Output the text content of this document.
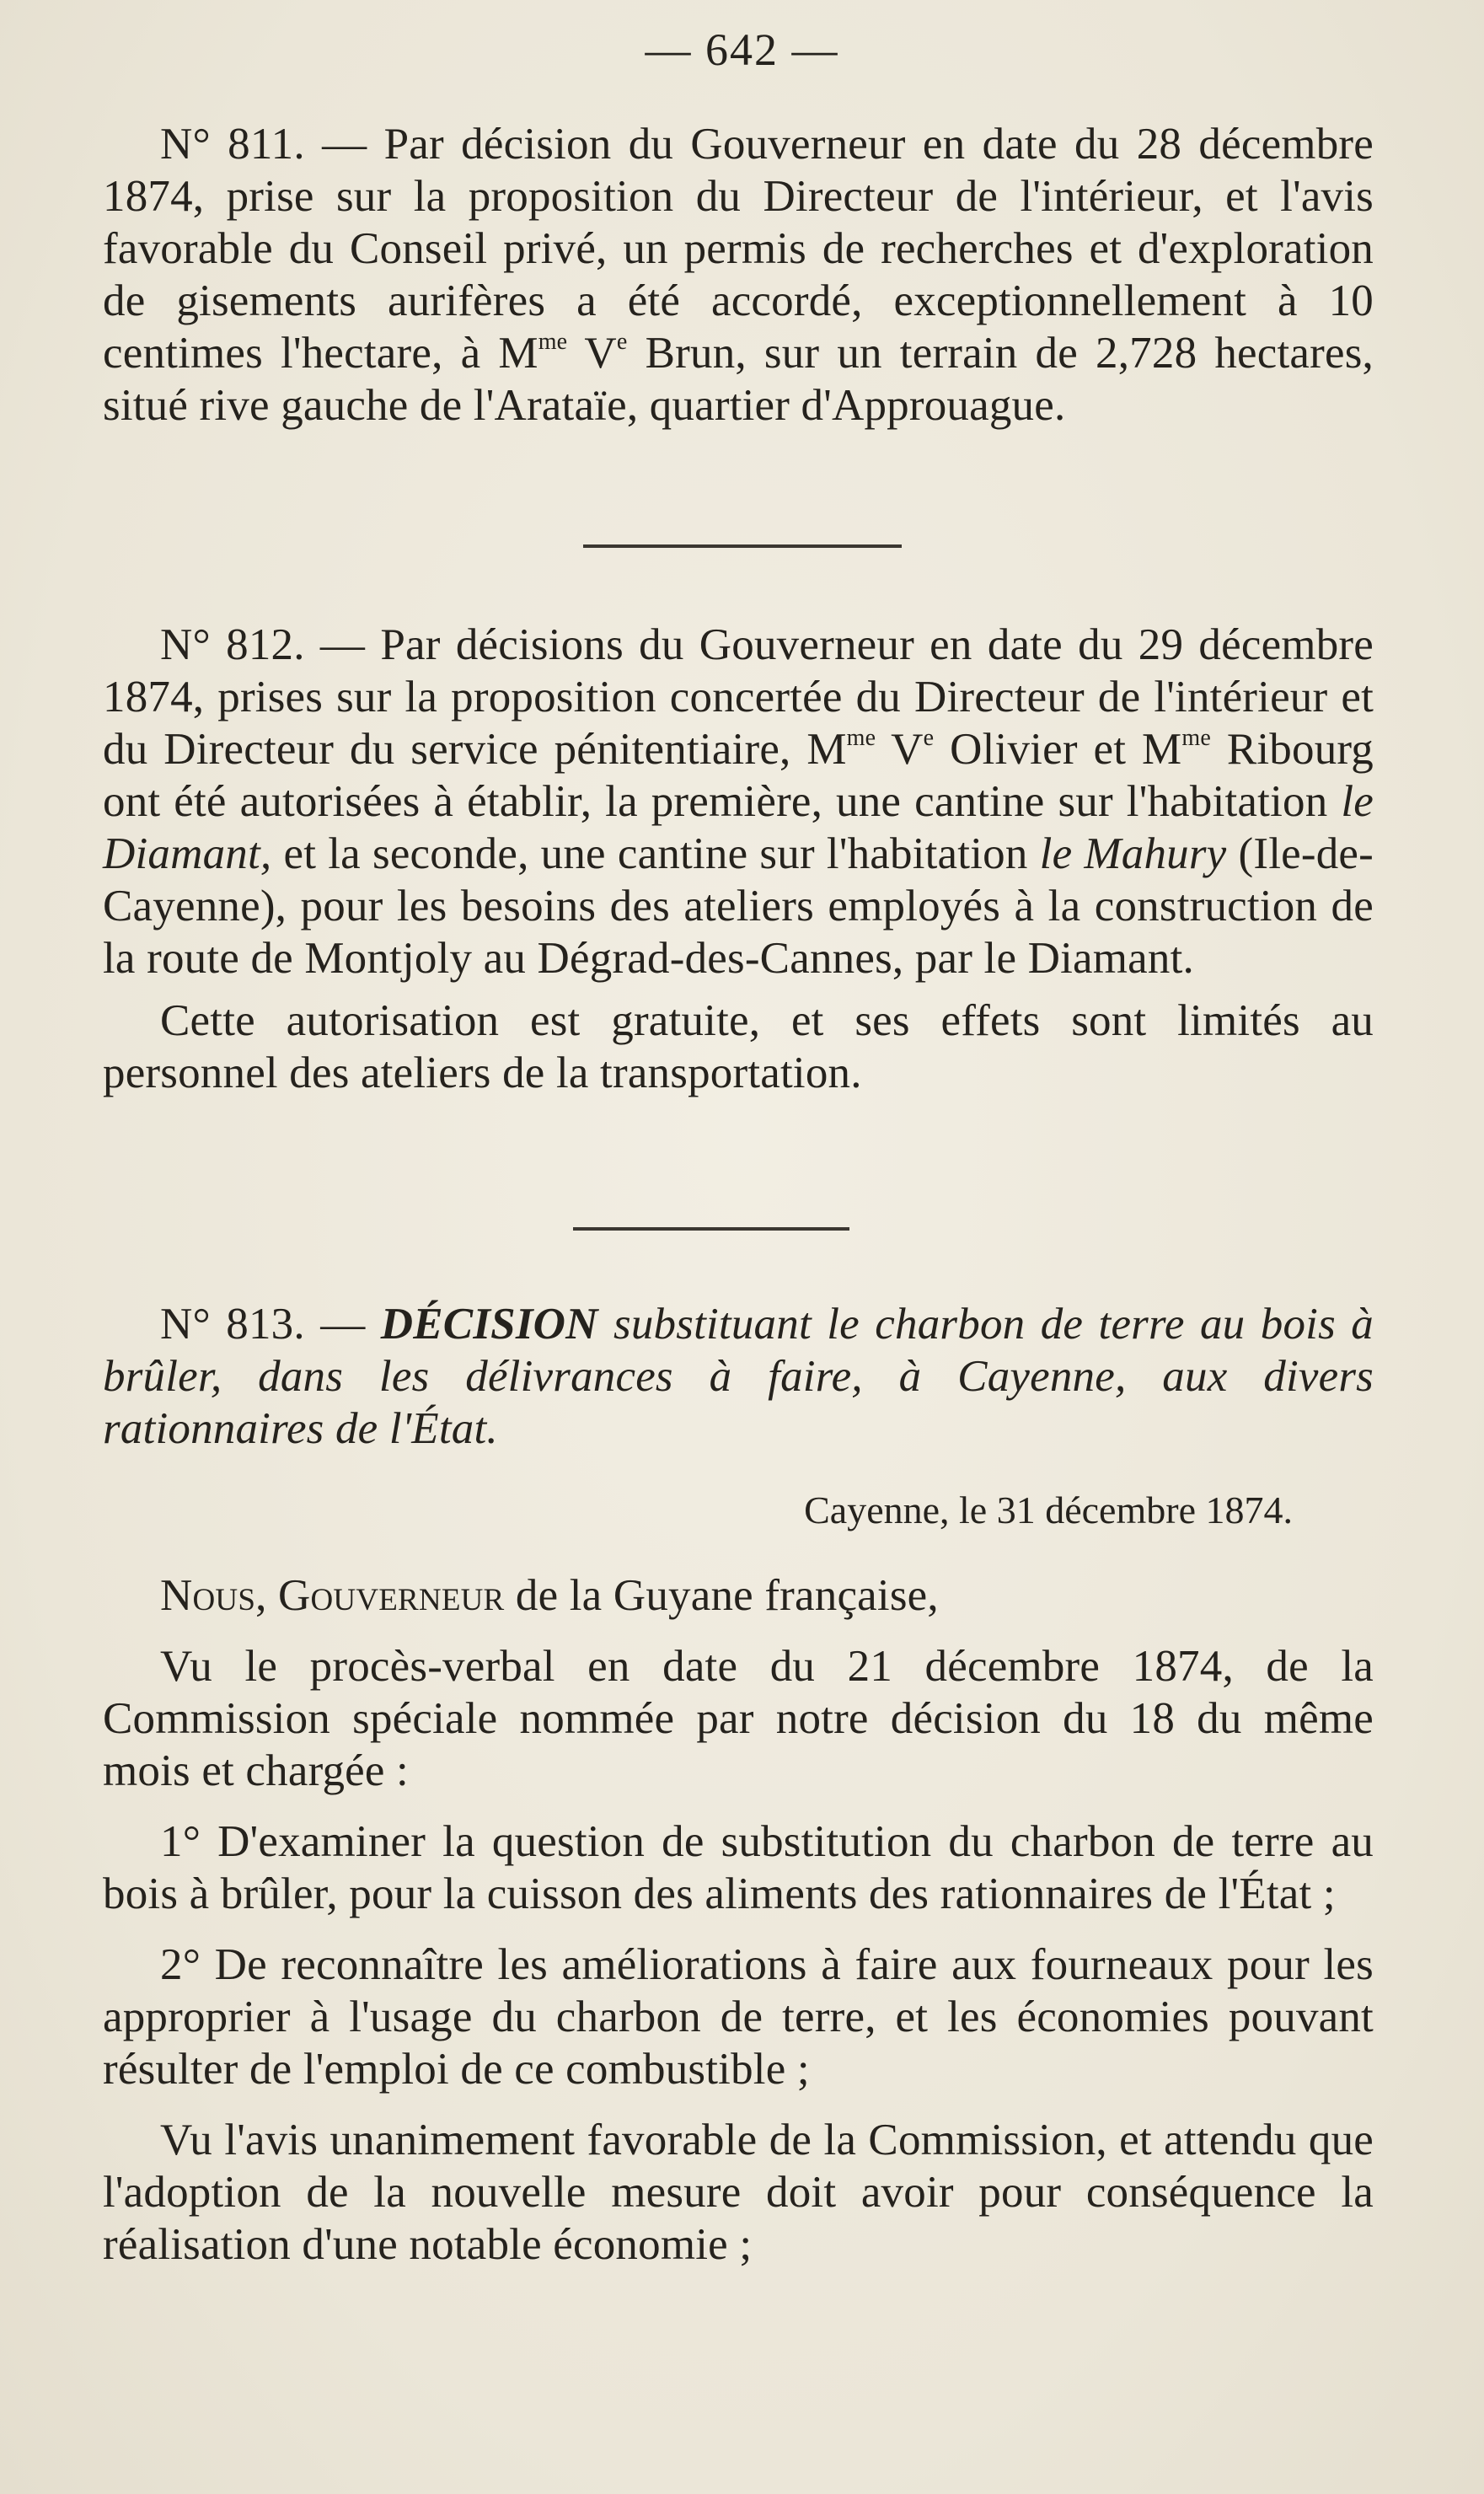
— 642 —

N° 811. — Par décision du Gouverneur en date du 28 décembre 1874, prise sur la proposition du Directeur de l'intérieur, et l'avis favorable du Conseil privé, un permis de recherches et d'exploration de gisements aurifères a été accordé, exceptionnellement à 10 centimes l'hectare, à $M^{me}$ Ve Brun, sur un terrain de 2,728 hectares, situé rive gauche de l'Arataïe, quartier d'Approuague.

N° 812. — Par décisions du Gouverneur en date du 29 décembre 1874, prises sur la proposition concertée du Directeur de l'intérieur et du Directeur du service pénitentiaire, $M^{me}$ Ve Olivier et $M^{me}$ Ribourg ont été autorisées à établir, la première, une cantine sur l'habitation le Diamant, et la seconde, une cantine sur l'habitation le Mahury (Ile-de-Cayenne), pour les besoins des ateliers employés à la construction de la route de Montjoly au Dégrad-des-Cannes, par le Diamant.

Cette autorisation est gratuite, et ses effets sont limités au personnel des ateliers de la transportation.

N° 813. — DÉCISION substituant le charbon de terre au bois à brûler, dans les délivrances à faire, à Cayenne, aux divers rationnaires de l'État.

Cayenne, le 31 décembre 1874.

Nous, Gouverneur de la Guyane française,

Vu le procès-verbal en date du 21 décembre 1874, de la Commission spéciale nommée par notre décision du 18 du même mois et chargée :

1° D'examiner la question de substitution du charbon de terre au bois à brûler, pour la cuisson des aliments des rationnaires de l'État ;

2° De reconnaître les améliorations à faire aux fourneaux pour les approprier à l'usage du charbon de terre, et les économies pouvant résulter de l'emploi de ce combustible ;

Vu l'avis unanimement favorable de la Commission, et attendu que l'adoption de la nouvelle mesure doit avoir pour conséquence la réalisation d'une notable économie ;
